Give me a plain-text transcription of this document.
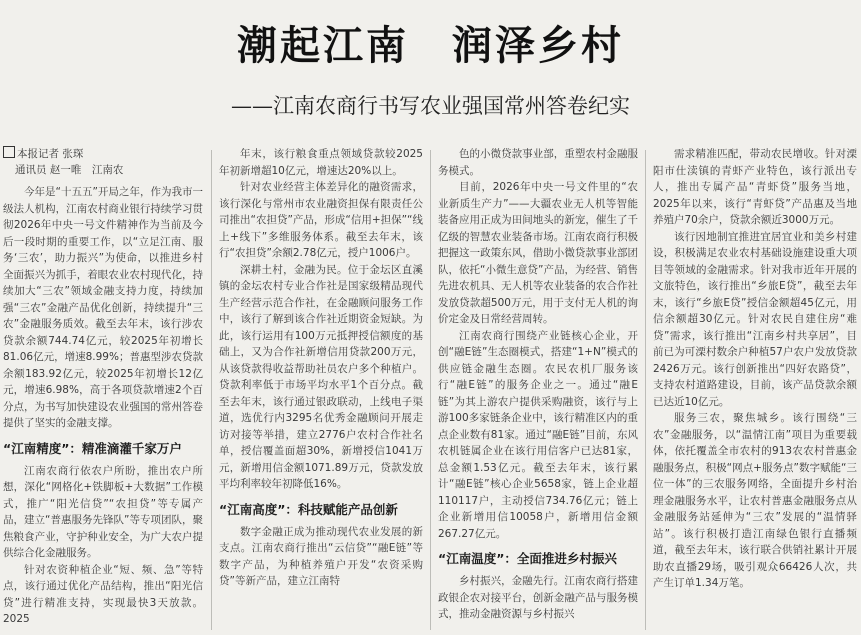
潮起江南　润泽乡村
——江南农商行书写农业强国常州答卷纪实
本报记者 张琛
通讯员 赵一唯　江南农

今年是“十五五”开局之年，作为我市一级法人机构，江南农村商业银行持续学习贯彻2026年中央一号文件精神作为当前及今后一段时期的重要工作，以“立足江南、服务‘三农’，助力振兴”为使命，以推进乡村全面振兴为抓手，着眼农业农村现代化，持续加大“三农”领域金融支持力度，持续加强“三农”金融产品优化创新，持续提升“三农”金融服务质效。截至去年末，该行涉农贷款余额744.74亿元，较2025年初增长81.06亿元，增速8.99%；普惠型涉农贷款余额183.92亿元，较2025年初增长12亿元，增速6.98%，高于各项贷款增速2个百分点，为书写加快建设农业强国的常州答卷提供了坚实的金融支撑。

“江南精度”：精准滴灌千家万户

江南农商行依农户所盼，推出农户所想，深化“网格化+铁脚板+大数据”工作模式，推广“阳光信贷”“农担贷”等专属产品，建立“普惠服务先锋队”等专项团队，聚焦粮食产业，守护种业安全，为广大农户提供综合化金融服务。

针对农资种植企业“短、频、急”等特点，该行通过优化产品结构，推出“阳光信贷”进行精准支持，实现最快3天放款。2025

年末，该行粮食重点领域贷款较2025年初新增超10亿元，增速达20%以上。

针对农业经营主体差异化的融资需求，该行深化与常州市农业融资担保有限责任公司推出“农担贷”产品，形成“信用+担保”“线上+线下”多维服务体系。截至去年末，该行“农担贷”余额2.78亿元，授户1006户。

深耕土村，金融为民。位于金坛区直溪镇的金坛农村专业合作社是国家级精品现代生产经营示范合作社，在金融顾问服务工作中，该行了解到该合作社近期资金短缺。为此，该行运用有100万元抵押授信额度的基础上，又为合作社新增信用贷款200万元，从该贷款得收益帮助社员农户多个种植户。贷款利率低于市场平均水平1个百分点。截至去年末，该行通过银政联动，上线电子渠道，选优行内3295名优秀金融顾问开展走访对接等举措，建立2776户农村合作社名单，授信覆盖面超30%，新增授信1041万元，新增用信金额1071.89万元，贷款发放平均利率较年初降低16%。

“江南高度”：科技赋能产品创新

数字金融正成为推动现代农业发展的新支点。江南农商行推出“云信贷”“融E链”等数字产品，为种植养殖户开发“农资采购贷”等新产品，建立江南特

色的小微贷款事业部，重塑农村金融服务模式。

目前，2026年中央一号文件里的“农业新质生产力”——大疆农业无人机等智能装备应用正成为田间地头的新宠，催生了千亿级的智慧农业装备市场。江南农商行积极把握这一政策东风，借助小微贷款事业部团队，依托“小微生意贷”产品，为经营、销售先进农机具、无人机等农业装备的农合作社发放贷款超500万元，用于支付无人机的询价定金及日常经营周转。

江南农商行围绕产业链核心企业，开创“融E链”生态圈模式，搭建“1+N”模式的供应链金融生态圈。农民农机厂服务该行“融E链”的服务企业之一。通过“融E链”为其上游农户提供采购融资，该行与上游100多家链条企业中，该行精准区内的重点企业数有81家。通过“融E链”目前，东风农机链属企业在该行用信客户已达81家，总金额1.53亿元。截至去年末，该行累计“融E链”核心企业5658家，链上企业超110117户，主动授信734.76亿元；链上企业新增用信10058户，新增用信金额267.27亿元。

“江南温度”：全面推进乡村振兴

乡村振兴，金融先行。江南农商行搭建政银企农对接平台，创新金融产品与服务模式，推动金融资源与乡村振兴

需求精准匹配，带动农民增收。针对溧阳市仕渎镇的青虾产业特色，该行派出专人，推出专属产品“青虾贷”服务当地，2025年以来，该行“青虾贷”产品惠及当地养殖户70余户，贷款余额近3000万元。

该行因地制宜推进宜居宜业和美乡村建设，积极满足农业农村基础设施建设重大项目等领域的金融需求。针对我市近年开展的文旅特色，该行推出“乡旅E贷”，截至去年末，该行“乡旅E贷”授信金额超45亿元，用信余额超30亿元。针对农民自建住房“难贷”需求，该行推出“江南乡村共享居”，目前已为可溧村数余户种植57户农户发放贷款2426万元。该行创新推出“四好农路贷”，支持农村道路建设，目前，该产品贷款余额已达近10亿元。

服务三农，聚焦城乡。该行围绕“三农”金融服务，以“温情江南”项目为重要载体，依托覆盖全市农村的913农农村普惠金融服务点，积极“网点+服务点”数字赋能“三位一体”的三农服务网络，全面提升乡村治理金融服务水平，让农村普惠金融服务点从金融服务站延伸为“三农”发展的“温情驿站”。该行积极打造江南绿色银行直播频道，截至去年末，该行联合供销社累计开展助农直播29场，吸引观众66426人次，共产生订单1.34万笔。
